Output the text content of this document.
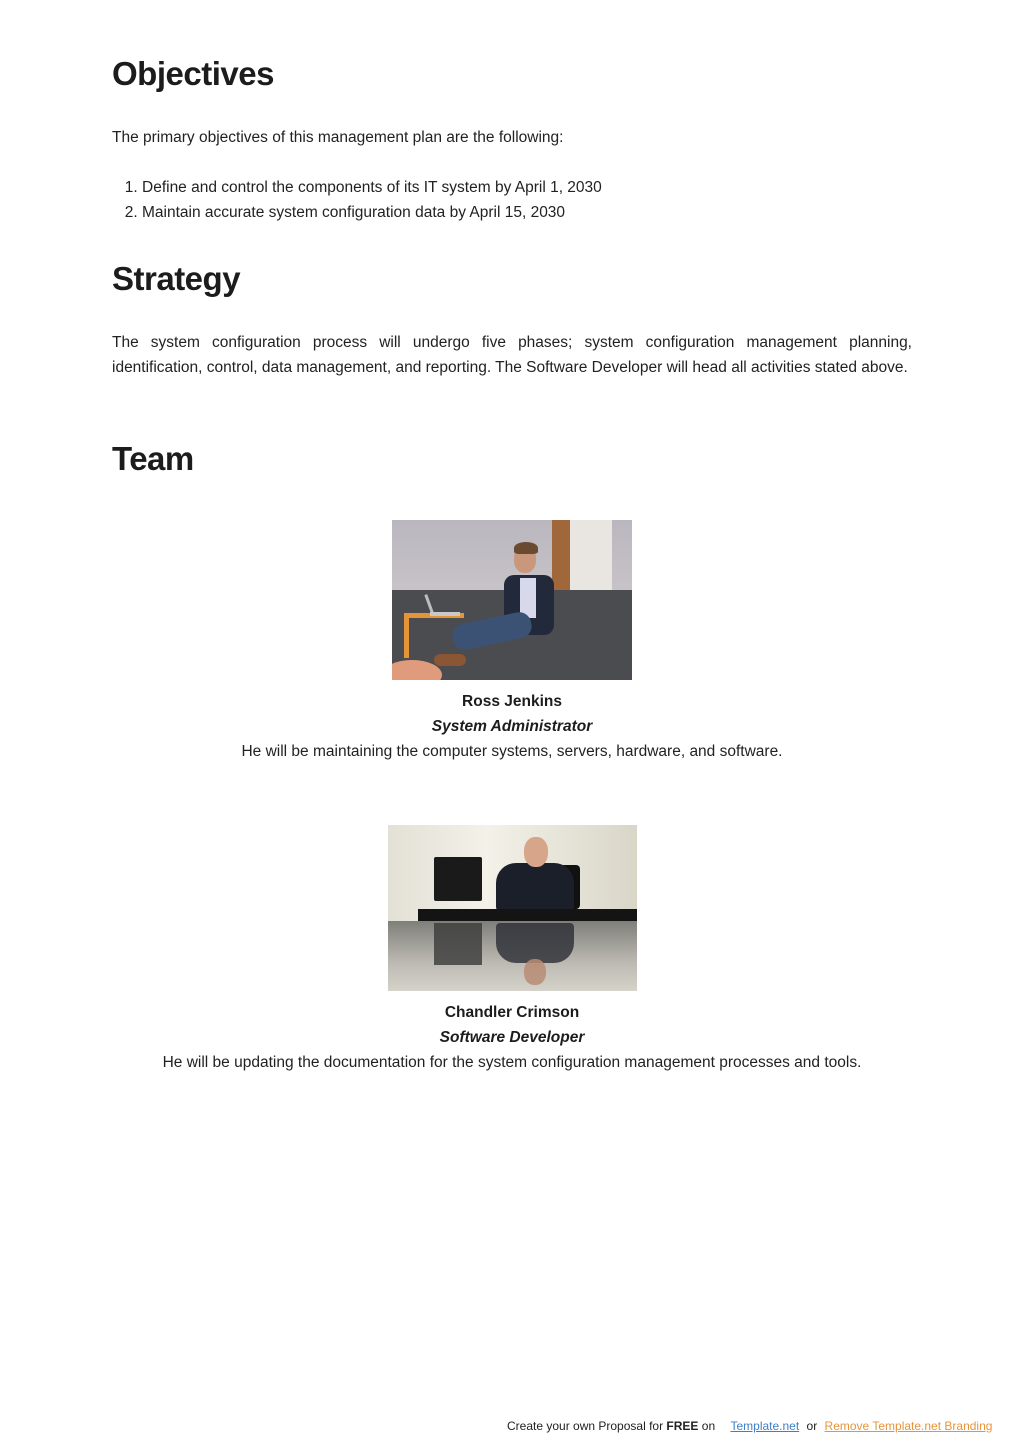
Objectives

The primary objectives of this management plan are the following:

1. Define and control the components of its IT system by April 1, 2030
2. Maintain accurate system configuration data by April 15, 2030
Strategy

The system configuration process will undergo five phases; system configuration management planning, identification, control, data management, and reporting. The Software Developer will head all activities stated above.

Team
Ross Jenkins
System Administrator
He will be maintaining the computer systems, servers, hardware, and software.
Chandler Crimson
Software Developer
He will be updating the documentation for the system configuration management processes and tools.
Create your own Proposal for FREE on Template.net or Remove Template.net Branding
